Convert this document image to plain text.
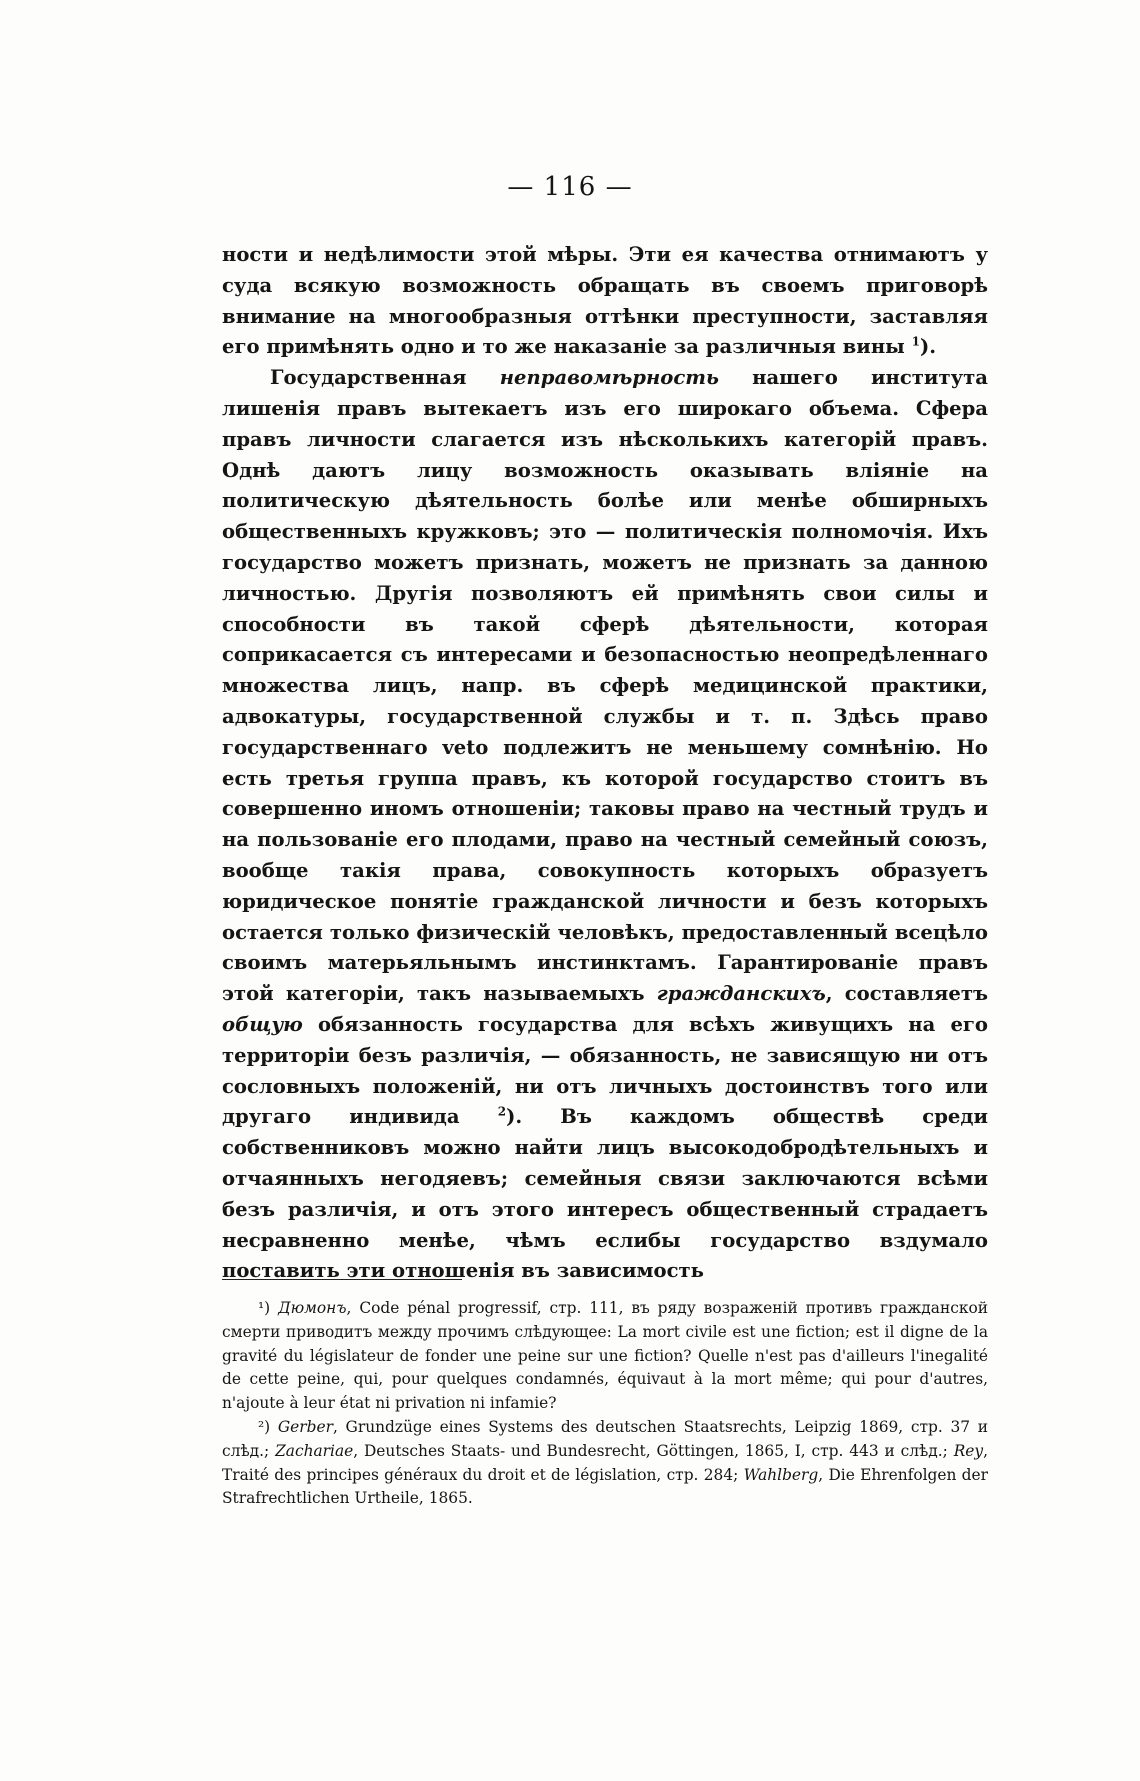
— 116 —

ности и недѣлимости этой мѣры. Эти ея качества отнимаютъ у суда всякую возможность обращать въ своемъ приговорѣ внимание на многообразныя оттѣнки преступности, заставляя его примѣнять одно и то же наказаніе за различныя вины $^1$).

Государственная неправомѣрность нашего института лишенія правъ вытекаетъ изъ его широкаго объема. Сфера правъ личности слагается изъ нѣсколькихъ категорій правъ. Однѣ даютъ лицу возможность оказывать вліяніе на политическую дѣятельность болѣе или менѣе обширныхъ общественныхъ кружковъ; это — политическія полномочія. Ихъ государство можетъ признать, можетъ не признать за данною личностью. Другія позволяютъ ей примѣнять свои силы и способности въ такой сферѣ дѣятельности, которая соприкасается съ интересами и безопасностью неопредѣленнаго множества лицъ, напр. въ сферѣ медицинской практики, адвокатуры, государственной службы и т. п. Здѣсь право государственнаго veto подлежитъ не меньшему сомнѣнію. Но есть третья группа правъ, къ которой государство стоитъ въ совершенно иномъ отношеніи; таковы право на честный трудъ и на пользованіе его плодами, право на честный семейный союзъ, вообще такія права, совокупность которыхъ образуетъ юридическое понятіе гражданской личности и безъ которыхъ остается только физическій человѣкъ, предоставленный всецѣло своимъ матерьяльнымъ инстинктамъ. Гарантированіе правъ этой категоріи, такъ называемыхъ гражданскихъ, составляетъ общую обязанность государства для всѣхъ живущихъ на его территоріи безъ различія, — обязанность, не зависящую ни отъ сословныхъ положеній, ни отъ личныхъ достоинствъ того или другаго индивида	$^2$). Въ каждомъ обществѣ среди собственниковъ можно найти лицъ высокодобродѣтельныхъ и отчаянныхъ негодяевъ; семейныя связи заключаются всѣми безъ различія, и отъ этого интересъ общественный страдаетъ несравненно менѣе, чѣмъ еслибы государство вздумало поставить эти отношенія въ зависимость

¹) Дюмонъ, Code pénal progressif, стр. 111, въ ряду возраженій противъ гражданской смерти приводитъ между прочимъ слѣдующее: La mort civile est une fiction; est il digne de la gravité du législateur de fonder une peine sur une fiction? Quelle n'est pas d'ailleurs l'inegalité de cette peine, qui, pour quelques condamnés, équivaut à la mort même; qui pour d'autres, n'ajoute à leur état ni privation ni infamie?

²) Gerber, Grundzüge eines Systems des deutschen Staatsrechts, Leipzig 1869, стр. 37 и слѣд.; Zachariae, Deutsches Staats- und Bundesrecht, Göttingen, 1865, I, стр. 443 и слѣд.; Rey, Traité des principes généraux du droit et de législation, стр. 284; Wahlberg, Die Ehrenfolgen der Strafrechtlichen Urtheile, 1865.
